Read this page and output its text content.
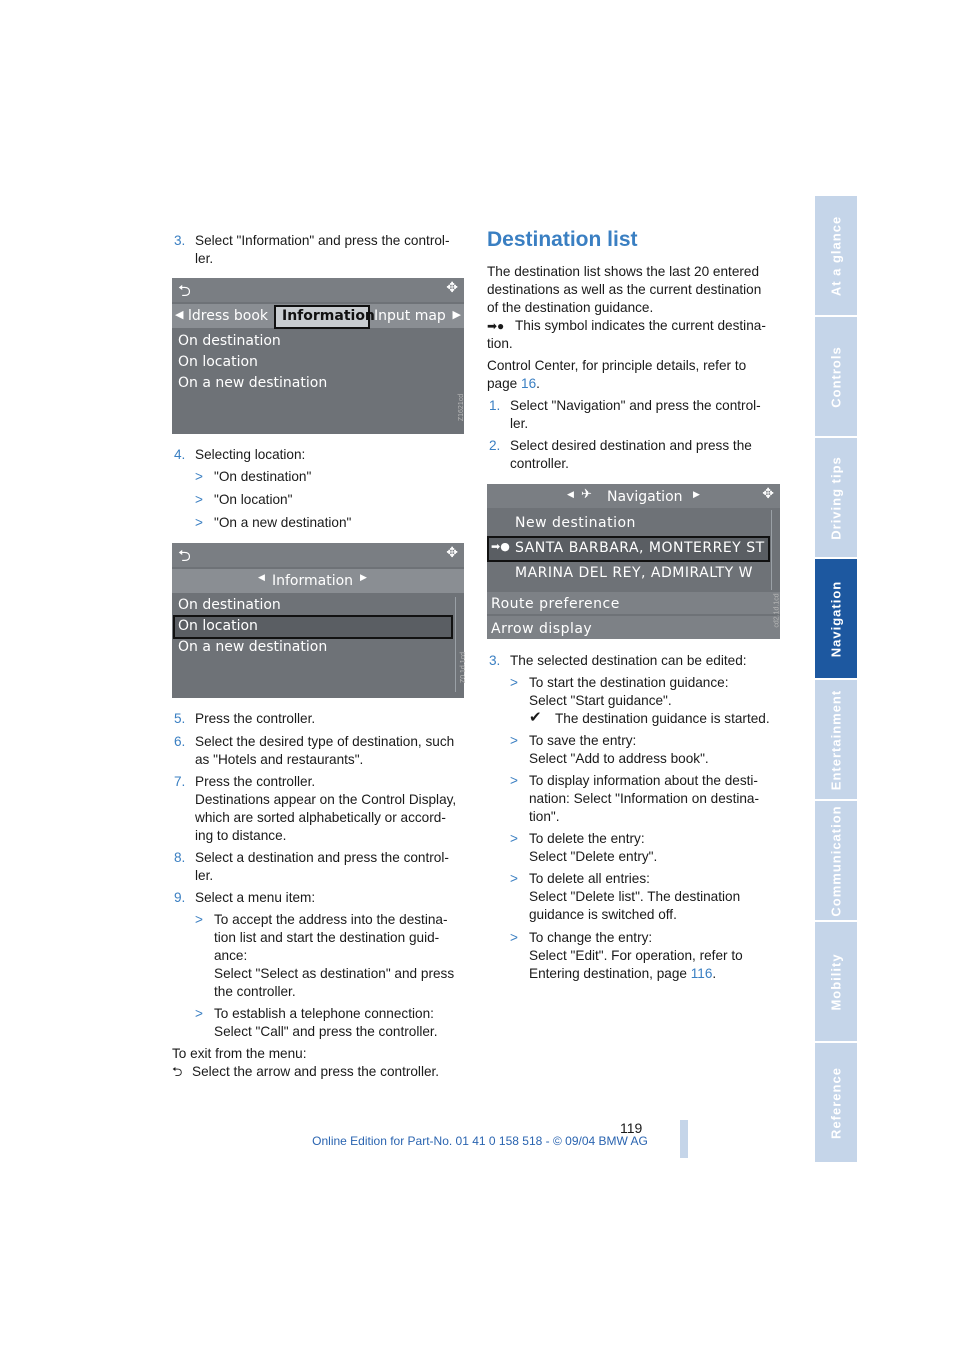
3. Select "Information" and press the control-
ler.
⮌	✥
◀ ldress book Information Input map ▶
On destination
On location
On a new destination
Z1621cd
4. Selecting location:
> "On destination"
> "On location"
> "On a new destination"
⮌	✥
◀ Information ▶
On destination
On location
On a new destination
Z0.1d.1cd
5. Press the controller.
6. Select the desired type of destination, such
as "Hotels and restaurants".
7. Press the controller.
Destinations appear on the Control Display,
which are sorted alphabetically or accord-
ing to distance.
8. Select a destination and press the control-
ler.
9. Select a menu item:
> To accept the address into the destina-
tion list and start the destination guid-
ance:
Select "Select as destination" and press
the controller.
> To establish a telephone connection:
Select "Call" and press the controller.
To exit from the menu:
⮌ Select the arrow and press the controller.
Destination list
The destination list shows the last 20 entered
destinations as well as the current destination
of the destination guidance.
➡● This symbol indicates the current destina-
tion.
Control Center, for principle details, refer to
page 16.
1. Select "Navigation" and press the control-
ler.
2. Select desired destination and press the
controller.
◀ ✈ Navigation ▶	✥
New destination
➡● SANTA BARBARA, MONTERREY ST
MARINA DEL REY, ADMIRALTY W
Route preference
Arrow display
cd2.1d.1cd
3. The selected destination can be edited:
> To start the destination guidance:
Select "Start guidance".
✔ The destination guidance is started.
> To save the entry:
Select "Add to address book".
> To display information about the desti-
nation: Select "Information on destina-
tion".
> To delete the entry:
Select "Delete entry".
> To delete all entries:
Select "Delete list". The destination
guidance is switched off.
> To change the entry:
Select "Edit". For operation, refer to
Entering destination, page 116.
At a glance
Controls
Driving tips
Navigation
Entertainment
Communication
Mobility
Reference
119
Online Edition for Part-No. 01 41 0 158 518 - © 09/04 BMW AG
